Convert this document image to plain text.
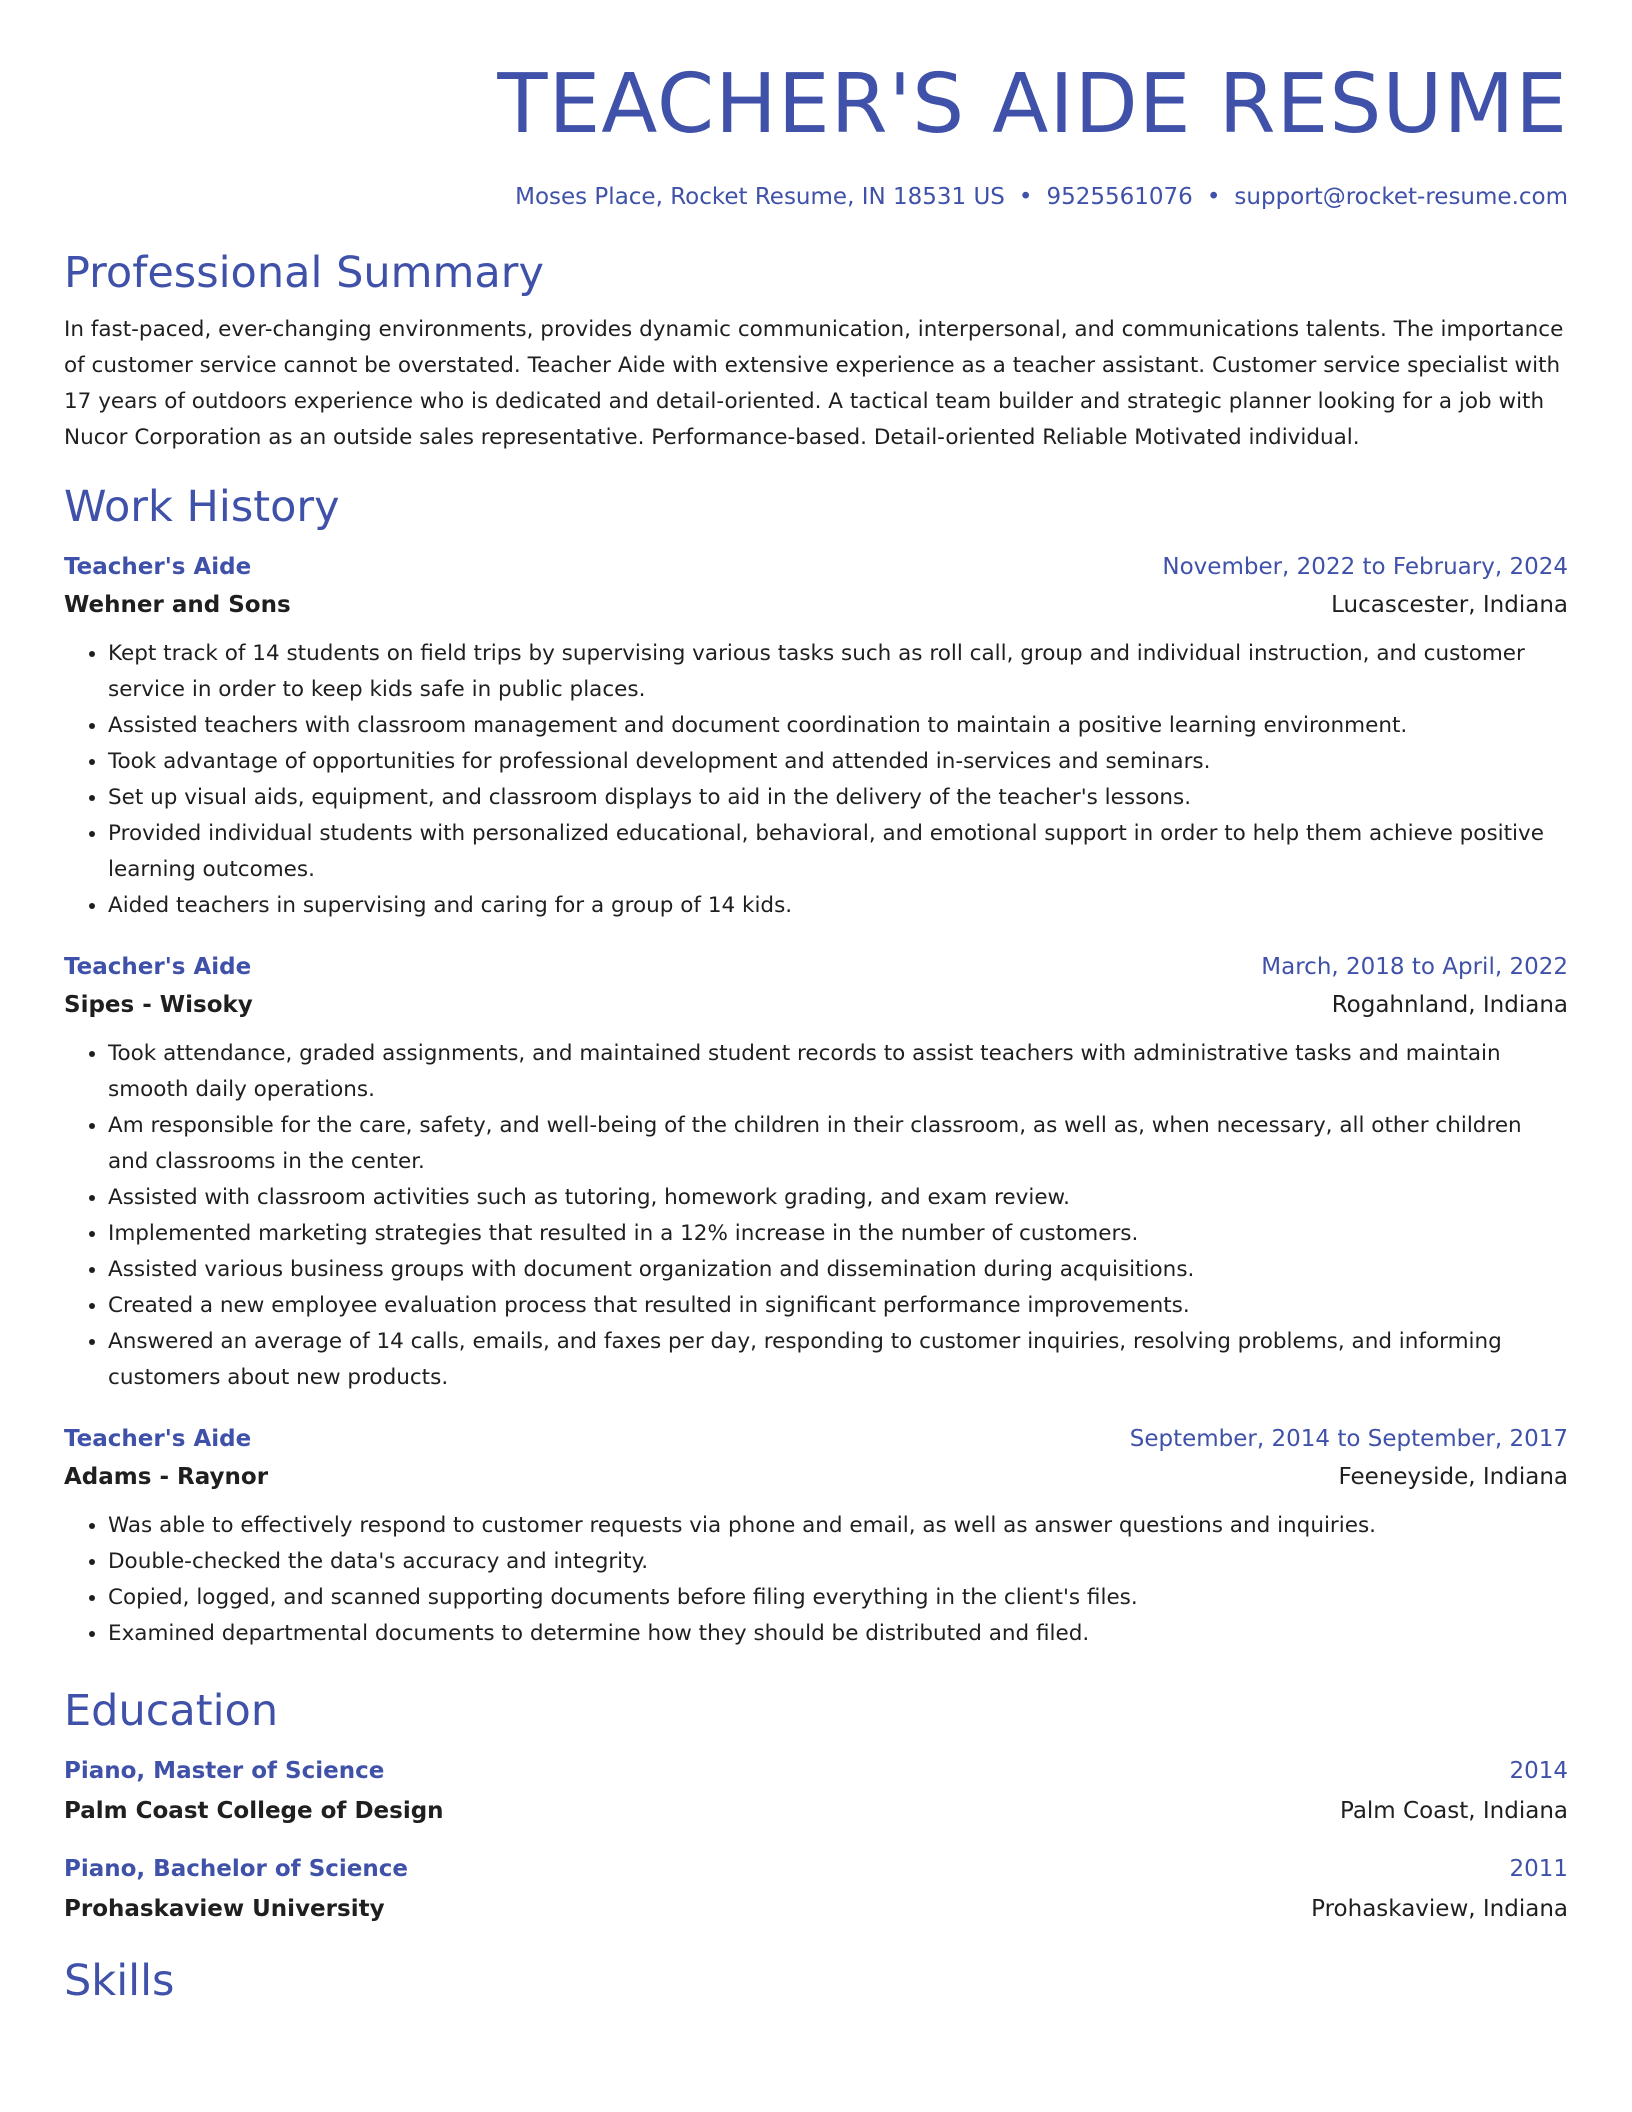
TEACHER'S AIDE RESUME
Moses Place, Rocket Resume, IN 18531 US • 9525561076 • support@rocket-resume.com
Professional Summary

In fast-paced, ever-changing environments, provides dynamic communication, interpersonal, and communications talents. The importance of customer service cannot be overstated. Teacher Aide with extensive experience as a teacher assistant. Customer service specialist with 17 years of outdoors experience who is dedicated and detail-oriented. A tactical team builder and strategic planner looking for a job with Nucor Corporation as an outside sales representative. Performance-based. Detail-oriented Reliable Motivated individual.

Work History
Teacher's Aide	November, 2022 to February, 2024
Wehner and Sons	Lucascester, Indiana
• Kept track of 14 students on field trips by supervising various tasks such as roll call, group and individual instruction, and customer service in order to keep kids safe in public places.
• Assisted teachers with classroom management and document coordination to maintain a positive learning environment.
• Took advantage of opportunities for professional development and attended in-services and seminars.
• Set up visual aids, equipment, and classroom displays to aid in the delivery of the teacher's lessons.
• Provided individual students with personalized educational, behavioral, and emotional support in order to help them achieve positive learning outcomes.
• Aided teachers in supervising and caring for a group of 14 kids.
Teacher's Aide	March, 2018 to April, 2022
Sipes - Wisoky	Rogahnland, Indiana
• Took attendance, graded assignments, and maintained student records to assist teachers with administrative tasks and maintain smooth daily operations.
• Am responsible for the care, safety, and well-being of the children in their classroom, as well as, when necessary, all other children and classrooms in the center.
• Assisted with classroom activities such as tutoring, homework grading, and exam review.
• Implemented marketing strategies that resulted in a 12% increase in the number of customers.
• Assisted various business groups with document organization and dissemination during acquisitions.
• Created a new employee evaluation process that resulted in significant performance improvements.
• Answered an average of 14 calls, emails, and faxes per day, responding to customer inquiries, resolving problems, and informing customers about new products.
Teacher's Aide	September, 2014 to September, 2017
Adams - Raynor	Feeneyside, Indiana
• Was able to effectively respond to customer requests via phone and email, as well as answer questions and inquiries.
• Double-checked the data's accuracy and integrity.
• Copied, logged, and scanned supporting documents before filing everything in the client's files.
• Examined departmental documents to determine how they should be distributed and filed.
Education
Piano, Master of Science	2014
Palm Coast College of Design	Palm Coast, Indiana
Piano, Bachelor of Science	2011
Prohaskaview University	Prohaskaview, Indiana
Skills
